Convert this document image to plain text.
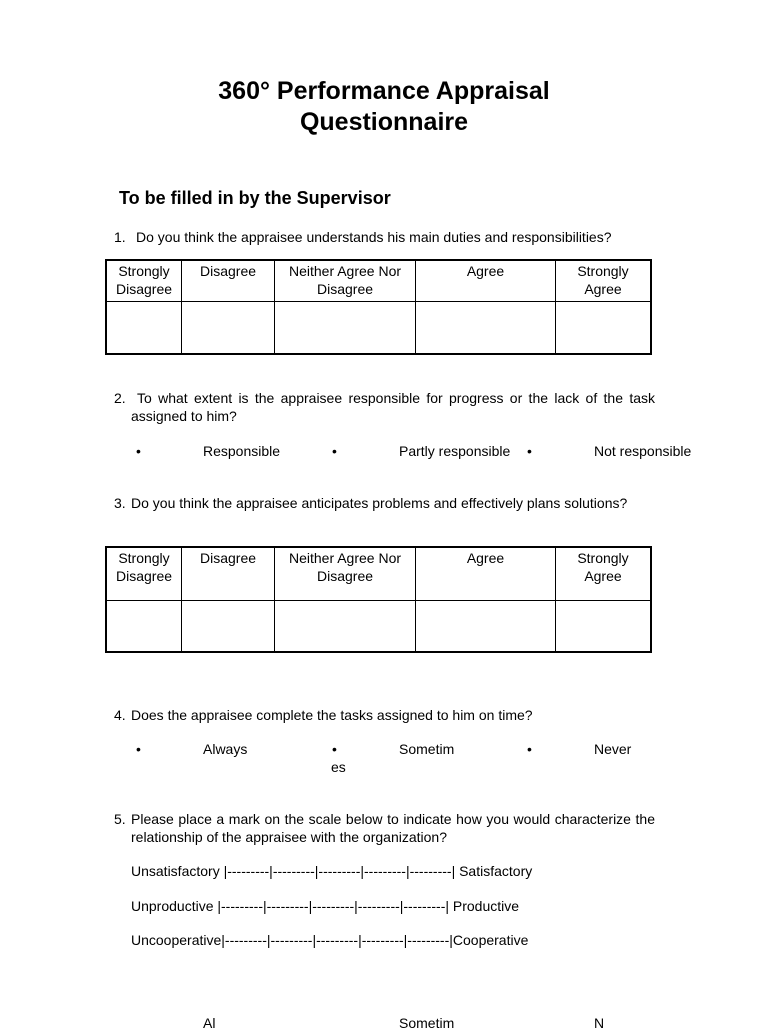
360° Performance Appraisal
Questionnaire
To be filled in by the Supervisor
1. Do you think the appraisee understands his main duties and responsibilities?
Strongly Disagree	Disagree	Neither Agree Nor Disagree	Agree	Strongly Agree

2. To what extent is the appraisee responsible for progress or the lack of the task assigned to him?
•	Responsible	•	Partly responsible •	Not responsible
3. Do you think the appraisee anticipates problems and effectively plans solutions?
Strongly Disagree	Disagree	Neither Agree Nor Disagree	Agree	Strongly Agree

4. Does the appraisee complete the tasks assigned to him on time?
•	Always	•	Sometim
es
•	Never
5. Please place a mark on the scale below to indicate how you would characterize the relationship of the appraisee with the organization?
Unsatisfactory |---------|---------|---------|---------|---------| Satisfactory
Unproductive |---------|---------|---------|---------|---------| Productive
Uncooperative|---------|---------|---------|---------|---------|Cooperative
Al	Sometim	N
